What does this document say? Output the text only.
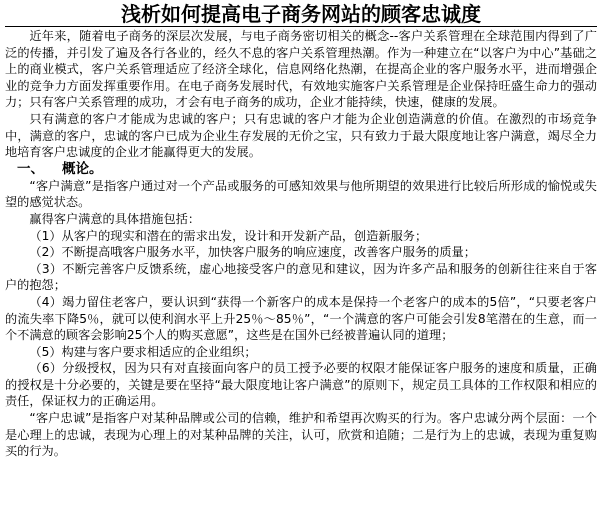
浅析如何提高电子商务网站的顾客忠诚度

近年来，随着电子商务的深层次发展，与电子商务密切相关的概念--客户关系管理在全球范围内得到了广泛的传播，并引发了遍及各行各业的，经久不息的客户关系管理热潮。作为一种建立在“以客户为中心”基础之上的商业模式，客户关系管理适应了经济全球化，信息网络化热潮，在提高企业的客户服务水平，进而增强企业的竞争力方面发挥重要作用。在电子商务发展时代，有效地实施客户关系管理是企业保持旺盛生命力的强动力；只有客户关系管理的成功，才会有电子商务的成功，企业才能持续，快速，健康的发展。

只有满意的客户才能成为忠诚的客户；只有忠诚的客户才能为企业创造满意的价值。在激烈的市场竞争中，满意的客户，忠诚的客户已成为企业生存发展的无价之宝，只有致力于最大限度地让客户满意，竭尽全力地培育客户忠诚度的企业才能赢得更大的发展。

一、 概论。

“客户满意”是指客户通过对一个产品或服务的可感知效果与他所期望的效果进行比较后所形成的愉悦或失望的感觉状态。

赢得客户满意的具体措施包括：

（1）从客户的现实和潜在的需求出发，设计和开发新产品，创造新服务；

（2）不断提高哦客户服务水平，加快客户服务的响应速度，改善客户服务的质量；

（3）不断完善客户反馈系统，虚心地接受客户的意见和建议，因为许多产品和服务的创新往往来自于客户的抱怨；

（4）竭力留住老客户，要认识到“获得一个新客户的成本是保持一个老客户的成本的5倍”，“只要老客户的流失率下降5％，就可以使利润水平上升25％～85％”，“一个满意的客户可能会引发8笔潜在的生意，而一个不满意的顾客会影响25个人的购买意愿”，这些是在国外已经被普遍认同的道理；

（5）构建与客户要求相适应的企业组织；

（6）分级授权，因为只有对直接面向客户的员工授予必要的权限才能保证客户服务的速度和质量，正确的授权是十分必要的，关键是要在坚持“最大限度地让客户满意”的原则下，规定员工具体的工作权限和相应的责任，保证权力的正确运用。

“客户忠诚”是指客户对某种品牌或公司的信赖，维护和希望再次购买的行为。客户忠诚分两个层面：一个是心理上的忠诚，表现为心理上的对某种品牌的关注，认可，欣赏和追随；二是行为上的忠诚，表现为重复购买的行为。
